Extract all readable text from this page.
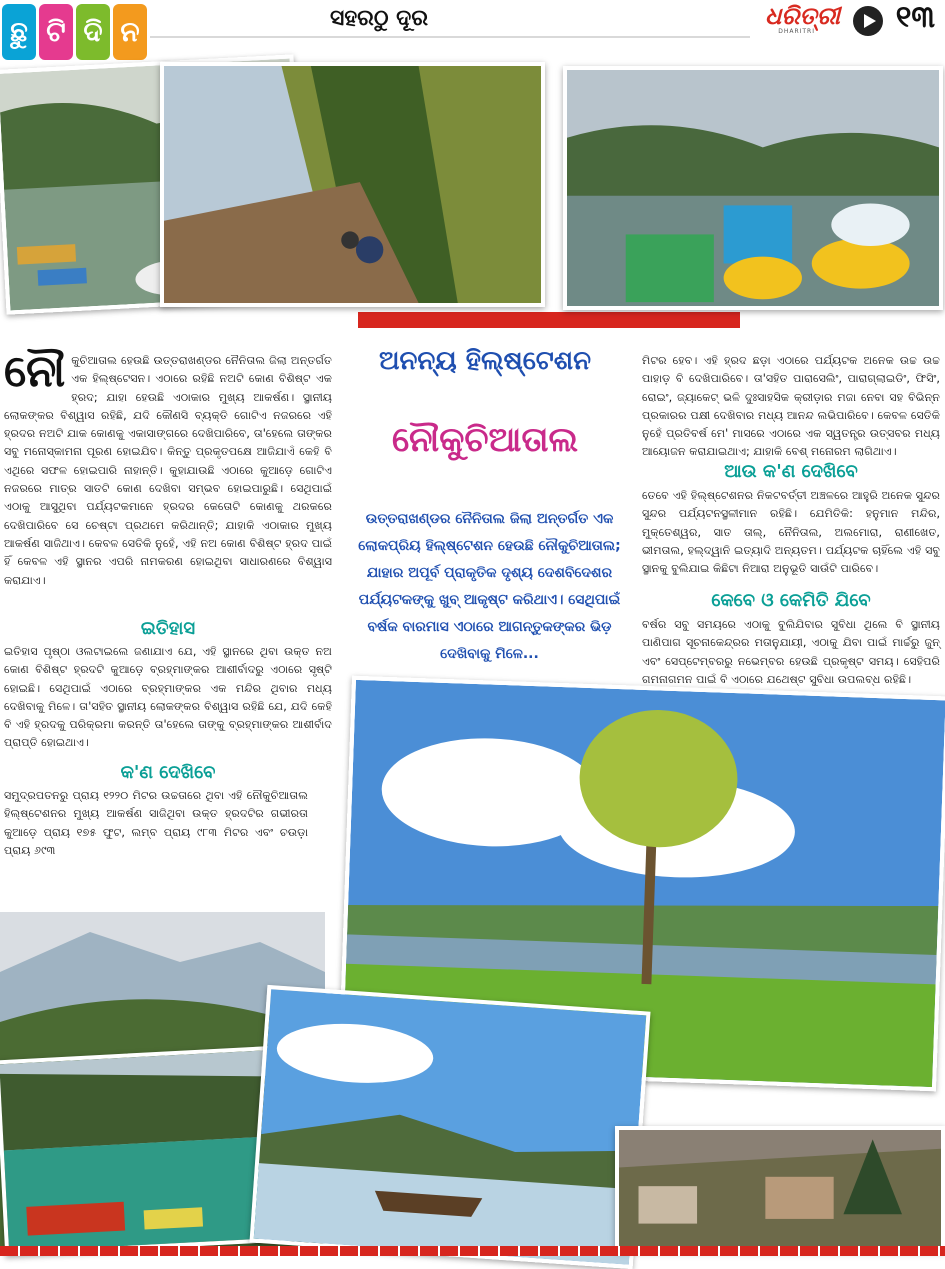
ଛୁ ଟି ଦି ନ	ସହରଠୁ ଦୂର	ଧରିତ୍ରୀ
DHARITRI	୧୩
ନୌକୁଚିଆତାଲ ହେଉଛି ଉତ୍ତରାଖଣ୍ଡର ନୈନିତାଲ ଜିଲା ଅନ୍ତର୍ଗତ ଏକ ହିଲ୍‌ଷ୍ଟେସନ। ଏଠାରେ ରହିଛି ନଅଟି କୋଣ ବିଶିଷ୍ଟ ଏକ ହ୍ରଦ; ଯାହା ହେଉଛି ଏଠାକାର ମୁଖ୍ୟ ଆକର୍ଷଣ। ସ୍ଥାନୀୟ ଲୋକଙ୍କର ବିଶ୍ୱାସ ରହିଛି, ଯଦି କୌଣସି ବ୍ୟକ୍ତି ଗୋଟିଏ ନଜରରେ ଏହି ହ୍ରଦର ନଅଟି ଯାକ କୋଣକୁ ଏକାସାଙ୍ଗରେ ଦେଖିପାରିବେ, ତା'ହେଲେ ତାଙ୍କର ସବୁ ମନୋସ୍କାମନା ପୂରଣ ହୋଇଯିବ। କିନ୍ତୁ ପ୍ରକୃତପକ୍ଷେ ଆଜିଯାଏଁ କେହି ବି ଏଥିରେ ସଫଳ ହୋଇପାରି ନାହାନ୍ତି। କୁହାଯାଉଛି ଏଠାରେ କୁଆଡ଼େ ଗୋଟିଏ ନଜରରେ ମାତ୍ର ସାତଟି କୋଣ ଦେଖିବା ସମ୍ଭବ ହୋଇପାରୁଛି। ସେଥିପାଇଁ ଏଠାକୁ ଆସୁଥିବା ପର୍ଯ୍ୟଟକମାନେ ହ୍ରଦର କେତୋଟି କୋଣକୁ ଥରକରେ ଦେଖିପାରିବେ ସେ ଚେଷ୍ଟା ପ୍ରଥମେ କରିଥାନ୍ତି; ଯାହାକି ଏଠାକାର ମୁଖ୍ୟ ଆକର୍ଷଣ ସାଜିଥାଏ। କେବଳ ସେତିକି ନୁହେଁ, ଏହି ନଅ କୋଣ ବିଶିଷ୍ଟ ହ୍ରଦ ପାଇଁ ହିଁ କେବଳ ଏହି ସ୍ଥାନର ଏପରି ନାମକରଣ ହୋଇଥିବା ସାଧାରଣରେ ବିଶ୍ୱାସ କରାଯାଏ।
ଇତିହାସ
ଇତିହାସ ପୃଷ୍ଠା ଓଲଟାଇଲେ ଜଣାଯାଏ ଯେ, ଏହି ସ୍ଥାନରେ ଥିବା ଉକ୍ତ ନଅ କୋଣ ବିଶିଷ୍ଟ ହ୍ରଦଟି କୁଆଡ଼େ ବ୍ରହ୍ମାଙ୍କର ଆଶୀର୍ବାଦରୁ ଏଠାରେ ସୃଷ୍ଟି ହୋଇଛି। ସେଥିପାଇଁ ଏଠାରେ ବ୍ରହ୍ମାଙ୍କର ଏକ ମନ୍ଦିର ଥିବାର ମଧ୍ୟ ଦେଖିବାକୁ ମିଳେ। ତା'ସହିତ ସ୍ଥାନୀୟ ଲୋକଙ୍କର ବିଶ୍ୱାସ ରହିଛି ଯେ, ଯଦି କେହି ବି ଏହି ହ୍ରଦକୁ ପରିକ୍ରମା କରନ୍ତି ତା'ହେଲେ ତାଙ୍କୁ ବ୍ରହ୍ମାଙ୍କର ଆଶୀର୍ବାଦ ପ୍ରାପ୍ତି ହୋଇଥାଏ।
କ'ଣ ଦେଖିବେ
ସମୁଦ୍ରପତନରୁ ପ୍ରାୟ ୧୨୨୦ ମିଟର ଉଚ୍ଚତାରେ ଥିବା ଏହି ନୌକୁଚିଆତାଲ ହିଲ୍‌ଷ୍ଟେଶନର ମୁଖ୍ୟ ଆକର୍ଷଣ ସାଜିଥିବା ଉକ୍ତ ହ୍ରଦଟିର ଗଭୀରତା କୁଆଡ଼େ ପ୍ରାୟ ୧୭୫ ଫୁଟ, ଲମ୍ବ ପ୍ରାୟ ୯୮୩ ମିଟର ଏବଂ ଚଉଡ଼ା ପ୍ରାୟ ୬୯୩
ଅନନ୍ୟ ହିଲ୍‌ଷ୍ଟେଶନ
ନୌକୁଚିଆତାଲ
ଉତ୍ତରାଖଣ୍ଡର ନୈନିତାଲ ଜିଲା ଅନ୍ତର୍ଗତ ଏକ ଲୋକପ୍ରିୟ ହିଲ୍‌ଷ୍ଟେଶନ ହେଉଛି ନୌକୁଚିଆତାଲ; ଯାହାର ଅପୂର୍ବ ପ୍ରାକୃତିକ ଦୃଶ୍ୟ ଦେଶବିଦେଶର ପର୍ଯ୍ୟଟକଙ୍କୁ ଖୁବ୍ ଆକୃଷ୍ଟ କରିଥାଏ। ସେଥିପାଇଁ ବର୍ଷକ ବାରମାସ ଏଠାରେ ଆଗନ୍ତୁକଙ୍କର ଭିଡ଼ ଦେଖିବାକୁ ମିଳେ...
ମିଟର ହେବ। ଏହି ହ୍ରଦ ଛଡ଼ା ଏଠାରେ ପର୍ଯ୍ୟଟକ ଅନେକ ଉଚ୍ଚ ଉଚ୍ଚ ପାହାଡ଼ ବି ଦେଖିପାରିବେ। ତା'ସହିତ ପାରାସେଲିଂ, ପାରାଗ୍ଲାଇଡିଂ, ଫିସିଂ, ରୋଇଂ, ଜ୍ୟାକେଟ୍ ଭଳି ଦୁଃସାହସିକ କ୍ରୀଡ଼ାର ମଜା ନେବା ସହ ବିଭିନ୍ନ ପ୍ରକାରର ପକ୍ଷୀ ଦେଖିବାର ମଧ୍ୟ ଆନନ୍ଦ ଲଭିପାରିବେ। କେବଳ ସେତିକି ନୁହେଁ ପ୍ରତିବର୍ଷ ମେ' ମାସରେ ଏଠାରେ ଏକ ସ୍ୱତନ୍ତ୍ର ଉତ୍ସବର ମଧ୍ୟ ଆୟୋଜନ କରାଯାଇଥାଏ; ଯାହାକି ବେଶ୍ ମନୋରମ ଲାଗିଥାଏ।
ଆଉ କ'ଣ ଦେଖିବେ
ତେବେ ଏହି ହିଲ୍‌ଷ୍ଟେଶନର ନିକଟବର୍ତ୍ତୀ ଅଞ୍ଚଳରେ ଆହୁରି ଅନେକ ସୁନ୍ଦର ସୁନ୍ଦର ପର୍ଯ୍ୟଟନସ୍ଥଳୀମାନ ରହିଛି। ଯେମିତିକି: ହନୁମାନ ମନ୍ଦିର, ମୁକ୍ତେଶ୍ୱର, ସାତ ତାଲ୍, ନୈନିତାଲ, ଅଲମୋରା, ରାଣୀଖେତ, ଭୀମତାଲ, ହଲ୍ଦ୍ୱାନି ଇତ୍ୟାଦି ଅନ୍ୟତମ। ପର୍ଯ୍ୟଟକ ଚାହିଁଲେ ଏହି ସବୁ ସ୍ଥାନକୁ ବୁଲିଯାଇ କିଛିଟା ନିଆରା ଅନୁଭୂତି ସାଉଁଟି ପାରିବେ।
କେବେ ଓ କେମିତି ଯିବେ
ବର୍ଷର ସବୁ ସମୟରେ ଏଠାକୁ ବୁଲିଯିବାର ସୁବିଧା ଥିଲେ ବି ସ୍ଥାନୀୟ ପାଣିପାଗ ସୂଚନାକେନ୍ଦ୍ରର ମତାନୁଯାୟୀ, ଏଠାକୁ ଯିବା ପାଇଁ ମାର୍ଚ୍ଚରୁ ଜୁନ୍ ଏବଂ ସେପ୍ଟେମ୍ବରରୁ ନଭେମ୍ବର ହେଉଛି ପ୍ରକୃଷ୍ଟ ସମୟ। ସେହିପରି ଗମନାଗମନ ପାଇଁ ବି ଏଠାରେ ଯଥେଷ୍ଟ ସୁବିଧା ଉପଲବ୍ଧ ରହିଛି।
